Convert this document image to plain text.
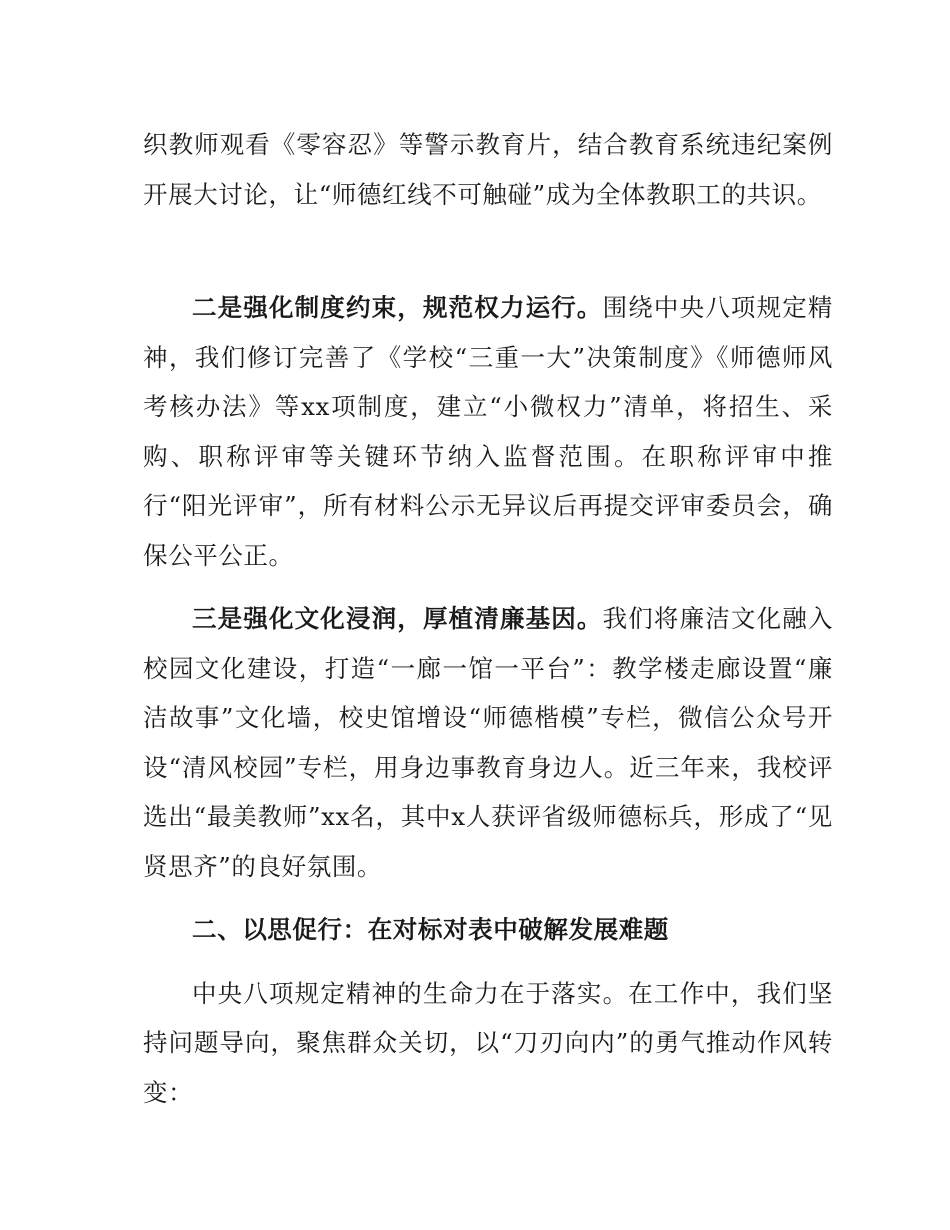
织教师观看《零容忍》等警示教育片，结合教育系统违纪案例开展大讨论，让“师德红线不可触碰”成为全体教职工的共识。

二是强化制度约束，规范权力运行。围绕中央八项规定精神，我们修订完善了《学校“三重一大”决策制度》《师德师风考核办法》等xx项制度，建立“小微权力”清单，将招生、采购、职称评审等关键环节纳入监督范围。在职称评审中推行“阳光评审”，所有材料公示无异议后再提交评审委员会，确保公平公正。

三是强化文化浸润，厚植清廉基因。我们将廉洁文化融入校园文化建设，打造“一廊一馆一平台”：教学楼走廊设置“廉洁故事”文化墙，校史馆增设“师德楷模”专栏，微信公众号开设“清风校园”专栏，用身边事教育身边人。近三年来，我校评选出“最美教师”xx名，其中x人获评省级师德标兵，形成了“见贤思齐”的良好氛围。

二、以思促行：在对标对表中破解发展难题

中央八项规定精神的生命力在于落实。在工作中，我们坚持问题导向，聚焦群众关切，以“刀刃向内”的勇气推动作风转变：
